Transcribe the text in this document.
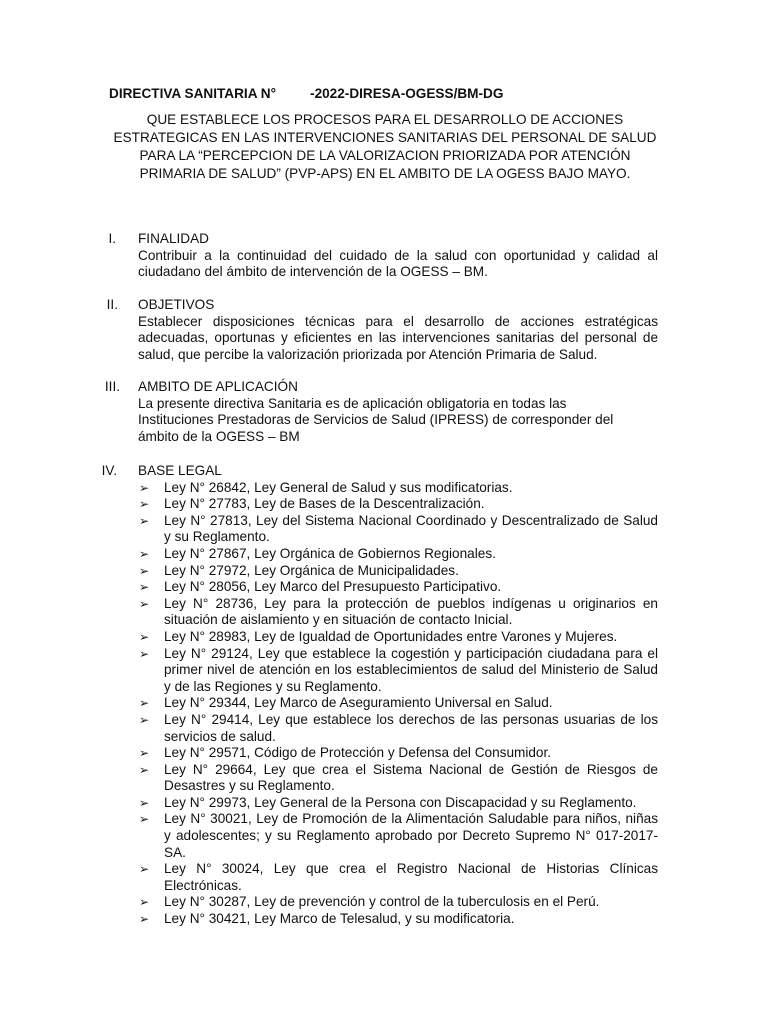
DIRECTIVA SANITARIA N°         -2022-DIRESA-OGESS/BM-DG
QUE ESTABLECE LOS PROCESOS PARA EL DESARROLLO DE ACCIONES ESTRATEGICAS EN LAS INTERVENCIONES SANITARIAS DEL PERSONAL DE SALUD PARA LA “PERCEPCION DE LA VALORIZACION PRIORIZADA POR ATENCIÓN PRIMARIA DE SALUD” (PVP-APS) EN EL AMBITO DE LA OGESS BAJO MAYO.
I. FINALIDAD
Contribuir a la continuidad del cuidado de la salud con oportunidad y calidad al ciudadano del ámbito de intervención de la OGESS – BM.
II. OBJETIVOS
Establecer disposiciones técnicas para el desarrollo de acciones estratégicas adecuadas, oportunas y eficientes en las intervenciones sanitarias del personal de salud, que percibe la valorización priorizada por Atención Primaria de Salud.
III. AMBITO DE APLICACIÓN
La presente directiva Sanitaria es de aplicación obligatoria en todas las Instituciones Prestadoras de Servicios de Salud (IPRESS) de corresponder del ámbito de la OGESS – BM
IV. BASE LEGAL
➢ Ley N° 26842, Ley General de Salud y sus modificatorias.
➢ Ley N° 27783, Ley de Bases de la Descentralización.
➢ Ley N° 27813, Ley del Sistema Nacional Coordinado y Descentralizado de Salud y su Reglamento.
➢ Ley N° 27867, Ley Orgánica de Gobiernos Regionales.
➢ Ley N° 27972, Ley Orgánica de Municipalidades.
➢ Ley N° 28056, Ley Marco del Presupuesto Participativo.
➢ Ley N° 28736, Ley para la protección de pueblos indígenas u originarios en situación de aislamiento y en situación de contacto Inicial.
➢ Ley N° 28983, Ley de Igualdad de Oportunidades entre Varones y Mujeres.
➢ Ley N° 29124, Ley que establece la cogestión y participación ciudadana para el primer nivel de atención en los establecimientos de salud del Ministerio de Salud y de las Regiones y su Reglamento.
➢ Ley N° 29344, Ley Marco de Aseguramiento Universal en Salud.
➢ Ley N° 29414, Ley que establece los derechos de las personas usuarias de los servicios de salud.
➢ Ley N° 29571, Código de Protección y Defensa del Consumidor.
➢ Ley N° 29664, Ley que crea el Sistema Nacional de Gestión de Riesgos de Desastres y su Reglamento.
➢ Ley N° 29973, Ley General de la Persona con Discapacidad y su Reglamento.
➢ Ley N° 30021, Ley de Promoción de la Alimentación Saludable para niños, niñas y adolescentes; y su Reglamento aprobado por Decreto Supremo N° 017-2017-SA.
➢ Ley N° 30024, Ley que crea el Registro Nacional de Historias Clínicas Electrónicas.
➢ Ley N° 30287, Ley de prevención y control de la tuberculosis en el Perú.
➢ Ley N° 30421, Ley Marco de Telesalud, y su modificatoria.
